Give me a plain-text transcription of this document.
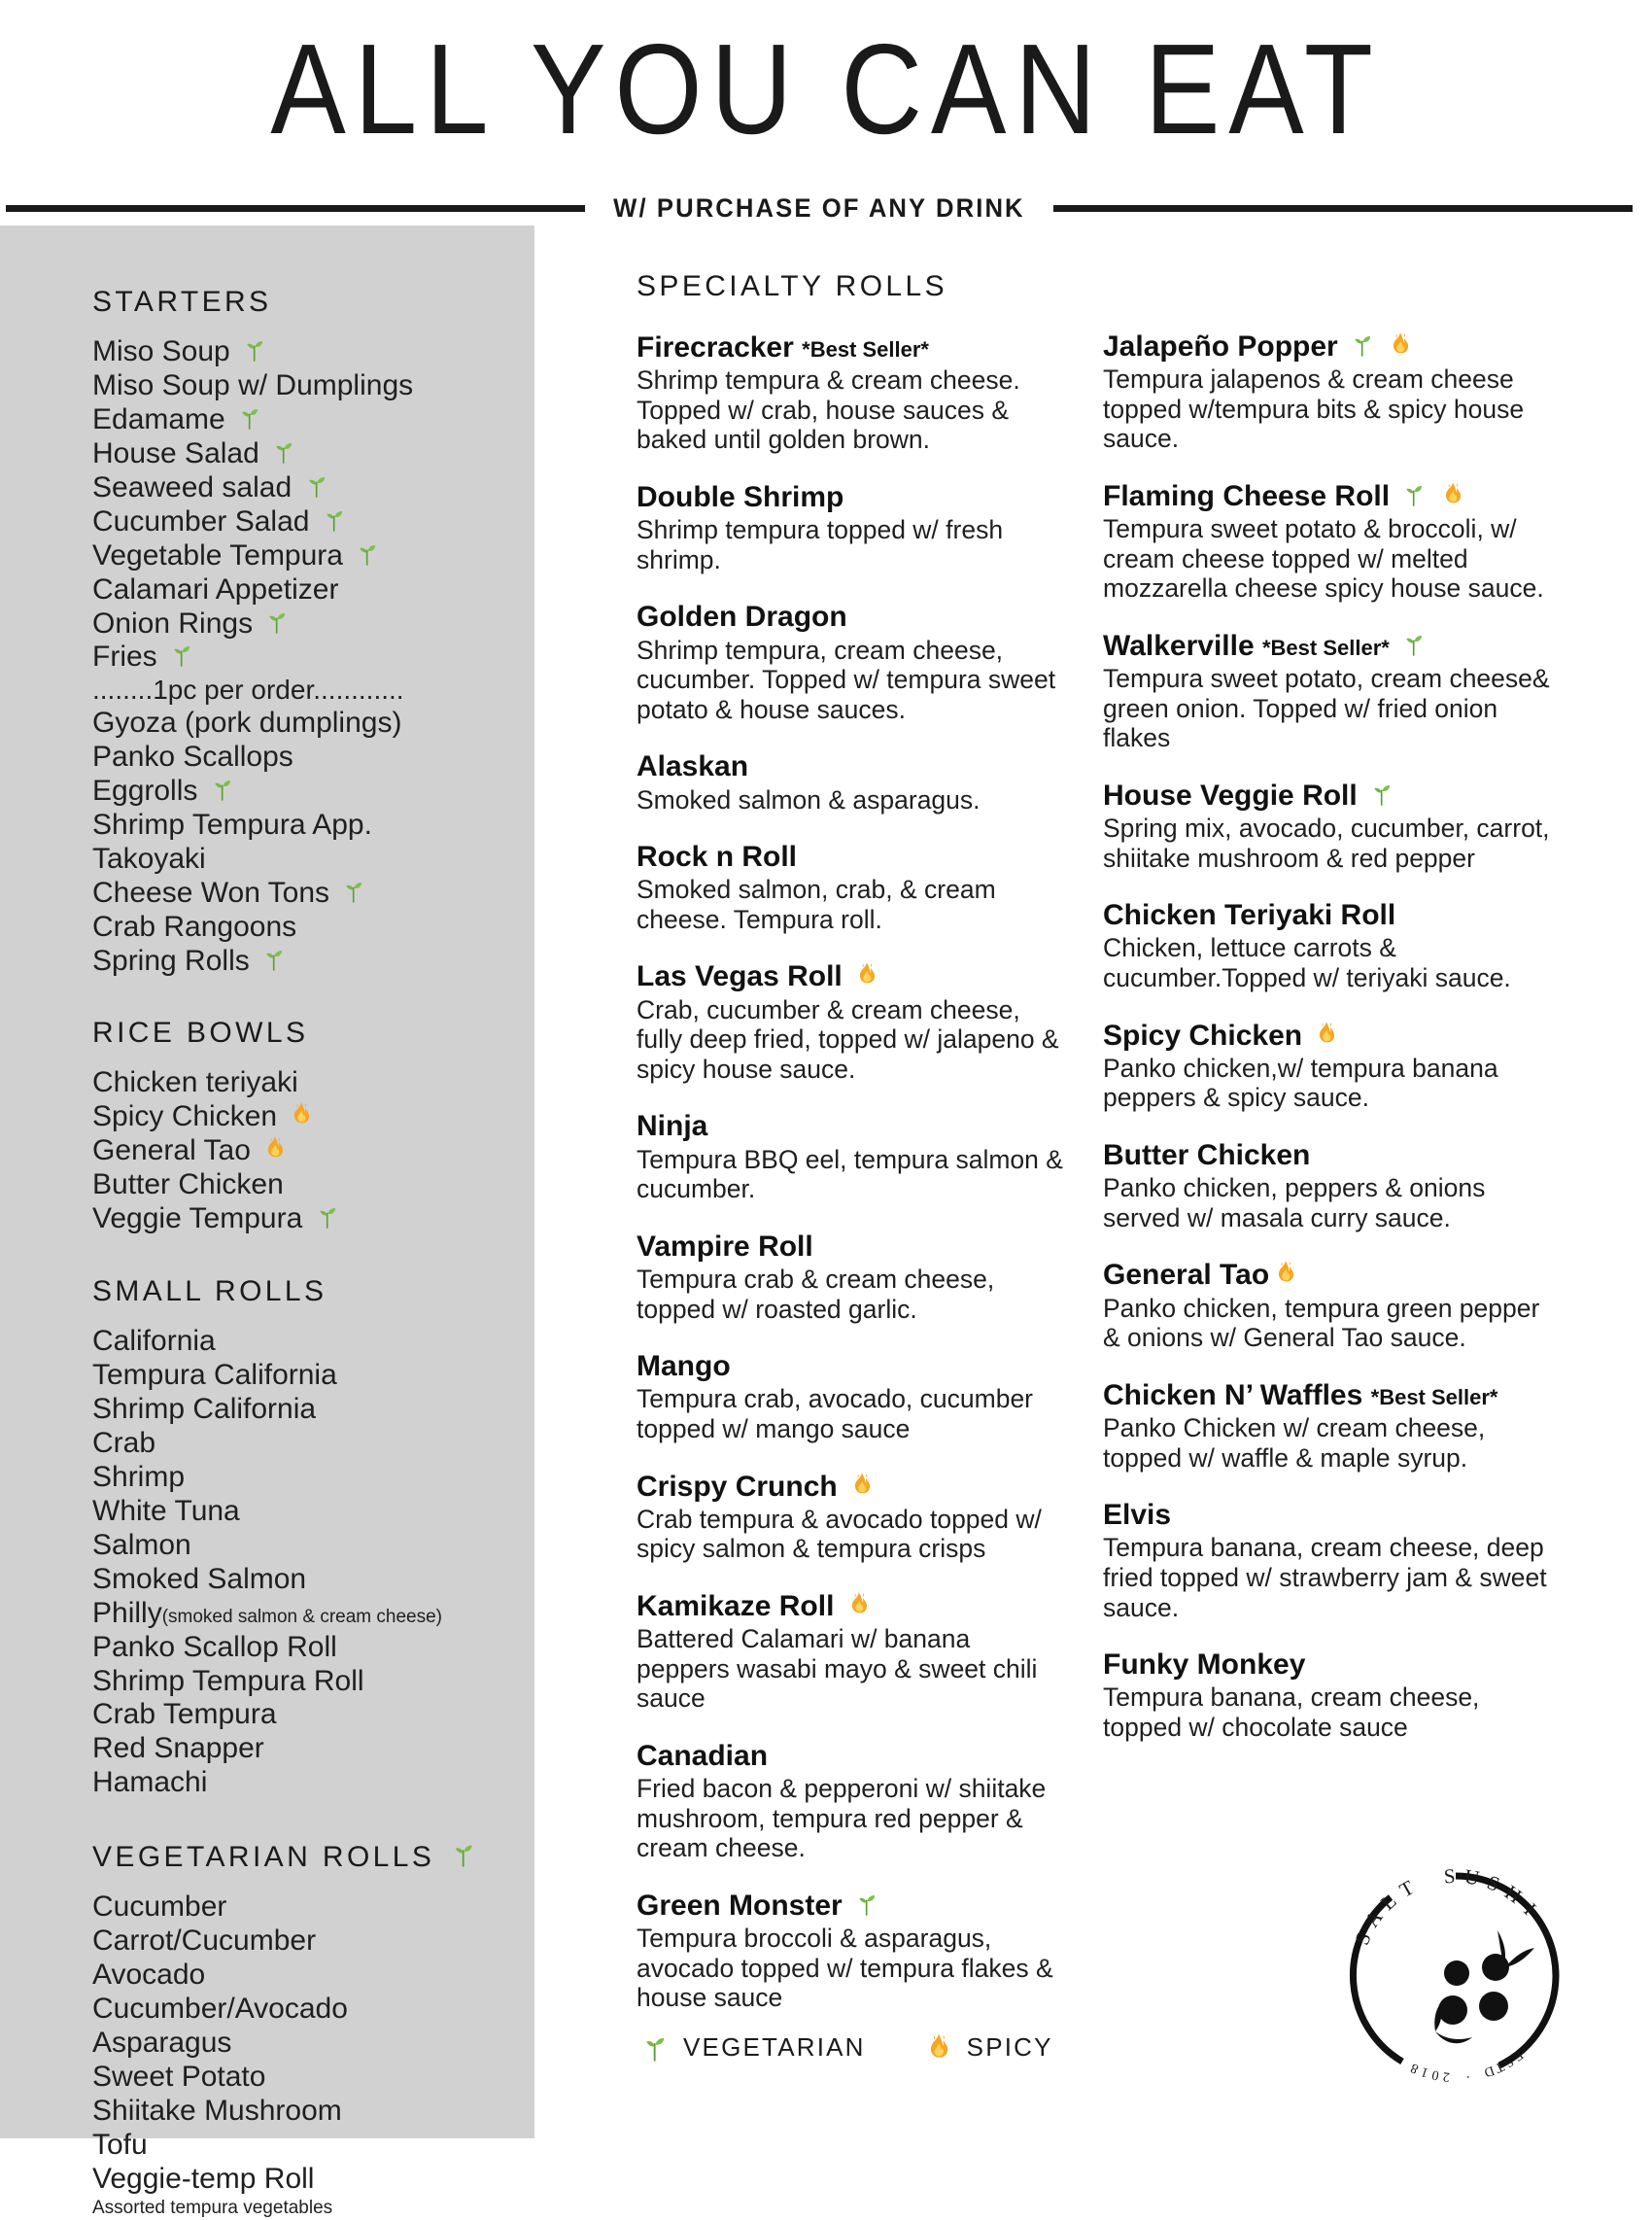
ALL YOU CAN EAT
W/ PURCHASE OF ANY DRINK
STARTERS
Miso Soup
Miso Soup w/ Dumplings
Edamame
House Salad
Seaweed salad
Cucumber Salad
Vegetable Tempura
Calamari Appetizer
Onion Rings
Fries
........1pc per order............
Gyoza (pork dumplings)
Panko Scallops
Eggrolls
Shrimp Tempura App.
Takoyaki
Cheese Won Tons
Crab Rangoons
Spring Rolls
RICE BOWLS
Chicken teriyaki
Spicy Chicken
General Tao
Butter Chicken
Veggie Tempura
SMALL ROLLS
California
Tempura California
Shrimp California
Crab
Shrimp
White Tuna
Salmon
Smoked Salmon
Philly(smoked salmon & cream cheese)
Panko Scallop Roll
Shrimp Tempura Roll
Crab Tempura
Red Snapper
Hamachi
VEGETARIAN ROLLS
Cucumber
Carrot/Cucumber
Avocado
Cucumber/Avocado
Asparagus
Sweet Potato
Shiitake Mushroom
Tofu
Veggie-temp Roll
Assorted tempura vegetables
SPECIALTY ROLLS
Firecracker *Best Seller*
Shrimp tempura & cream cheese. Topped w/ crab, house sauces & baked until golden brown.
Double Shrimp
Shrimp tempura topped w/ fresh shrimp.
Golden Dragon
Shrimp tempura, cream cheese, cucumber. Topped w/ tempura sweet potato & house sauces.
Alaskan
Smoked salmon & asparagus.
Rock n Roll
Smoked salmon, crab, & cream cheese. Tempura roll.
Las Vegas Roll
Crab, cucumber & cream cheese, fully deep fried, topped w/ jalapeno & spicy house sauce.
Ninja
Tempura BBQ eel, tempura salmon & cucumber.
Vampire Roll
Tempura crab & cream cheese, topped w/ roasted garlic.
Mango
Tempura crab, avocado, cucumber topped w/ mango sauce
Crispy Crunch
Crab tempura & avocado topped w/ spicy salmon & tempura crisps
Kamikaze Roll
Battered Calamari w/ banana peppers wasabi mayo & sweet chili sauce
Canadian
Fried bacon & pepperoni w/ shiitake mushroom, tempura red pepper & cream cheese.
Green Monster
Tempura broccoli & asparagus, avocado topped w/ tempura flakes & house sauce
Jalapeño Popper

Tempura jalapenos & cream cheese topped w/tempura bits & spicy house sauce.
Flaming Cheese Roll

Tempura sweet potato & broccoli, w/ cream cheese topped w/ melted mozzarella cheese spicy house sauce.
Walkerville *Best Seller*
Tempura sweet potato, cream cheese& green onion. Topped w/ fried onion flakes
House Veggie Roll
Spring mix, avocado, cucumber, carrot, shiitake mushroom & red pepper
Chicken Teriyaki Roll
Chicken, lettuce carrots & cucumber.Topped w/ teriyaki sauce.
Spicy Chicken
Panko chicken,w/ tempura banana peppers & spicy sauce.
Butter Chicken
Panko chicken, peppers & onions served w/ masala curry sauce.
General Tao
Panko chicken, tempura green pepper & onions w/ General Tao sauce.
Chicken N’ Waffles *Best Seller*
Panko Chicken w/ cream cheese, topped w/ waffle & maple syrup.
Elvis
Tempura banana, cream cheese, deep fried topped w/ strawberry jam & sweet sauce.
Funky Monkey
Tempura banana, cream cheese, topped w/ chocolate sauce
VEGETARIAN	SPICY
S
A
L
T S U S
H
I
E
S
T
D
·
2
0
1
8
